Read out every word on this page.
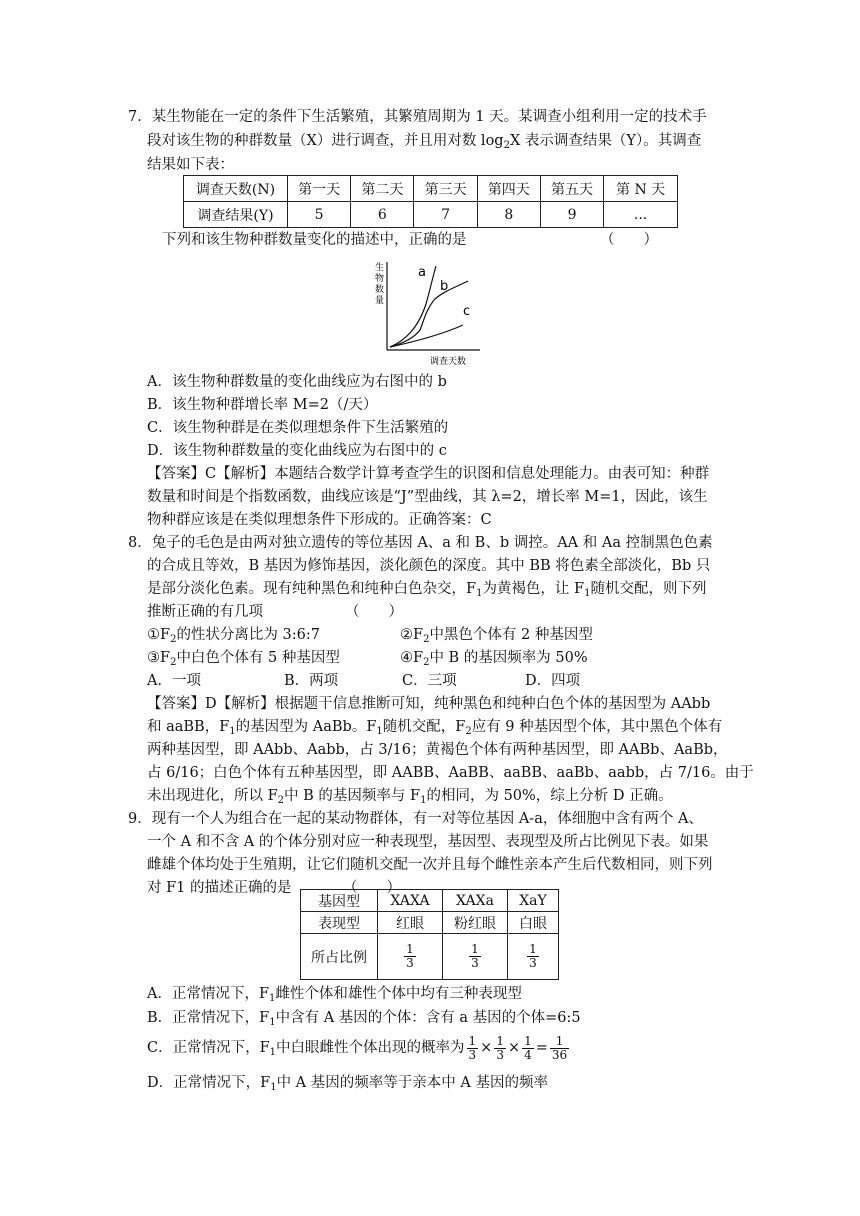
7．某生物能在一定的条件下生活繁殖，其繁殖周期为 1 天。某调查小组利用一定的技术手
段对该生物的种群数量（X）进行调查，并且用对数 $\log_2X$ 表示调查结果（Y）。其调查
结果如下表：
调查天数(N)	第一天	第二天	第三天	第四天	第五天	第 N 天
调查结果(Y)	5	6	7	8	9	...
下列和该生物种群数量变化的描述中，正确的是	（　　）
生
物
数
量
a
b
c
调查天数
A．该生物种群数量的变化曲线应为右图中的 b
B．该生物种群增长率 M=2（/天）
C．该生物种群是在类似理想条件下生活繁殖的
D．该生物种群数量的变化曲线应为右图中的 c
【答案】C【解析】本题结合数学计算考查学生的识图和信息处理能力。由表可知：种群
数量和时间是个指数函数，曲线应该是“J”型曲线，其 λ=2，增长率 M=1，因此，该生
物种群应该是在类似理想条件下形成的。正确答案：C
8．兔子的毛色是由两对独立遗传的等位基因 A、a 和 B、b 调控。AA 和 Aa 控制黑色色素
的合成且等效，B 基因为修饰基因，淡化颜色的深度。其中 BB 将色素全部淡化，Bb 只
是部分淡化色素。现有纯种黑色和纯种白色杂交，$F_1$为黄褐色，让 $F_1$随机交配，则下列
推断正确的有几项	（　　）
$①F_2$的性状分离比为 3:6:7	$②F_2$中黑色个体有 2 种基因型
$③F_2$中白色个体有 5 种基因型	$④F_2$中 B 的基因频率为 50%
A．一项	B．两项	C．三项	D．四项
【答案】D【解析】根据题干信息推断可知，纯种黑色和纯种白色个体的基因型为 AAbb
和 aaBB，$F_1$的基因型为 AaBb。$F_1$随机交配，$F_2$应有 9 种基因型个体，其中黑色个体有
两种基因型，即 AAbb、Aabb，占 3/16；黄褐色个体有两种基因型，即 AABb、AaBb，
占 6/16；白色个体有五种基因型，即 AABB、AaBB、aaBB、aaBb、aabb，占 7/16。由于
未出现进化，所以 $F_2$中 B 的基因频率与 $F_1$的相同，为 50%，综上分析 D 正确。
9．现有一个人为组合在一起的某动物群体，有一对等位基因 A-a，体细胞中含有两个 A、
一个 A 和不含 A 的个体分别对应一种表现型，基因型、表现型及所占比例见下表。如果
雌雄个体均处于生殖期，让它们随机交配一次并且每个雌性亲本产生后代数相同，则下列
对 F1 的描述正确的是	（　　）
基因型	XAXA	XAXa	XaY
表现型	红眼	粉红眼	白眼
所占比例	$\frac{1}{3}$	$\frac{1}{3}$	$\frac{1}{3}$
A．正常情况下，$F_1$雌性个体和雄性个体中均有三种表现型
B．正常情况下，$F_1$中含有 A 基因的个体：含有 a 基因的个体=6:5
C．正常情况下，$F_1$中白眼雌性个体出现的概率为 $\frac{1}{3} \times \frac{1}{3} \times \frac{1}{4} = \frac{1}{36}$
D．正常情况下，$F_1$中 A 基因的频率等于亲本中 A 基因的频率
